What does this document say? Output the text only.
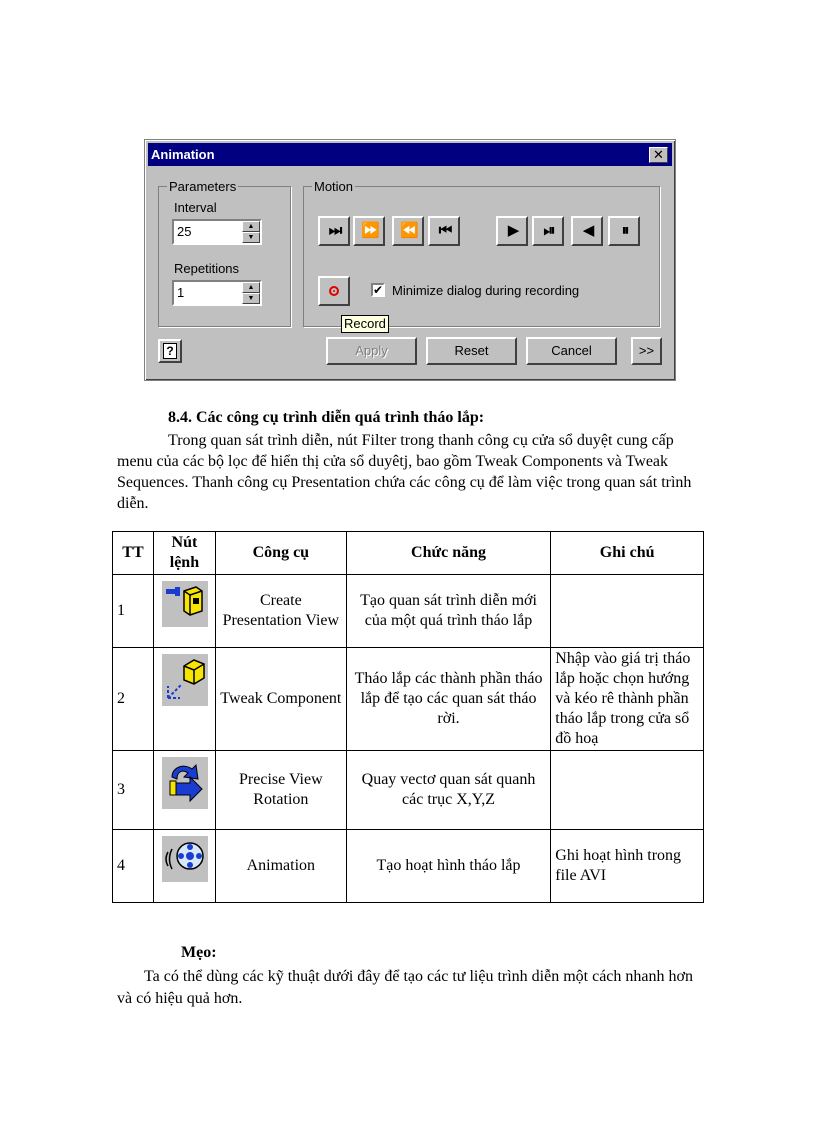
Animation	✕
Parameters
Interval
25	▲
▼
Repetitions
1	▲
▼
Motion
⏭	⏩	⏪	⏮	▶	⏯	◀	⏸
✔ Minimize dialog during recording
Record
?	Apply	Reset	Cancel	>>
8.4. Các công cụ trình diễn quá trình tháo lắp:

Trong quan sát trình diễn, nút Filter trong thanh công cụ cửa sổ duyệt cung cấp menu của các bộ lọc để hiển thị cửa sổ duyêtj, bao gồm Tweak Components và Tweak Sequences. Thanh công cụ Presentation chứa các công cụ để làm việc trong quan sát trình diễn.

TT	Nút lệnh	Công cụ	Chức năng	Ghi chú
1		Create Presentation View	Tạo quan sát trình diễn mới của một quá trình tháo lắp	
2		Tweak Component	Tháo lắp các thành phần tháo lắp để tạo các quan sát tháo rời.	Nhập vào giá trị tháo lắp hoặc chọn hướng và kéo rê thành phần tháo lắp trong cửa sổ đồ hoạ
3		Precise View Rotation	Quay vectơ quan sát quanh các trục X,Y,Z	
4		Animation	Tạo hoạt hình tháo lắp	Ghi hoạt hình trong file AVI
Mẹo:

Ta có thể dùng các kỹ thuật dưới đây để tạo các tư liệu trình diễn một cách nhanh hơn và có hiệu quả hơn.
